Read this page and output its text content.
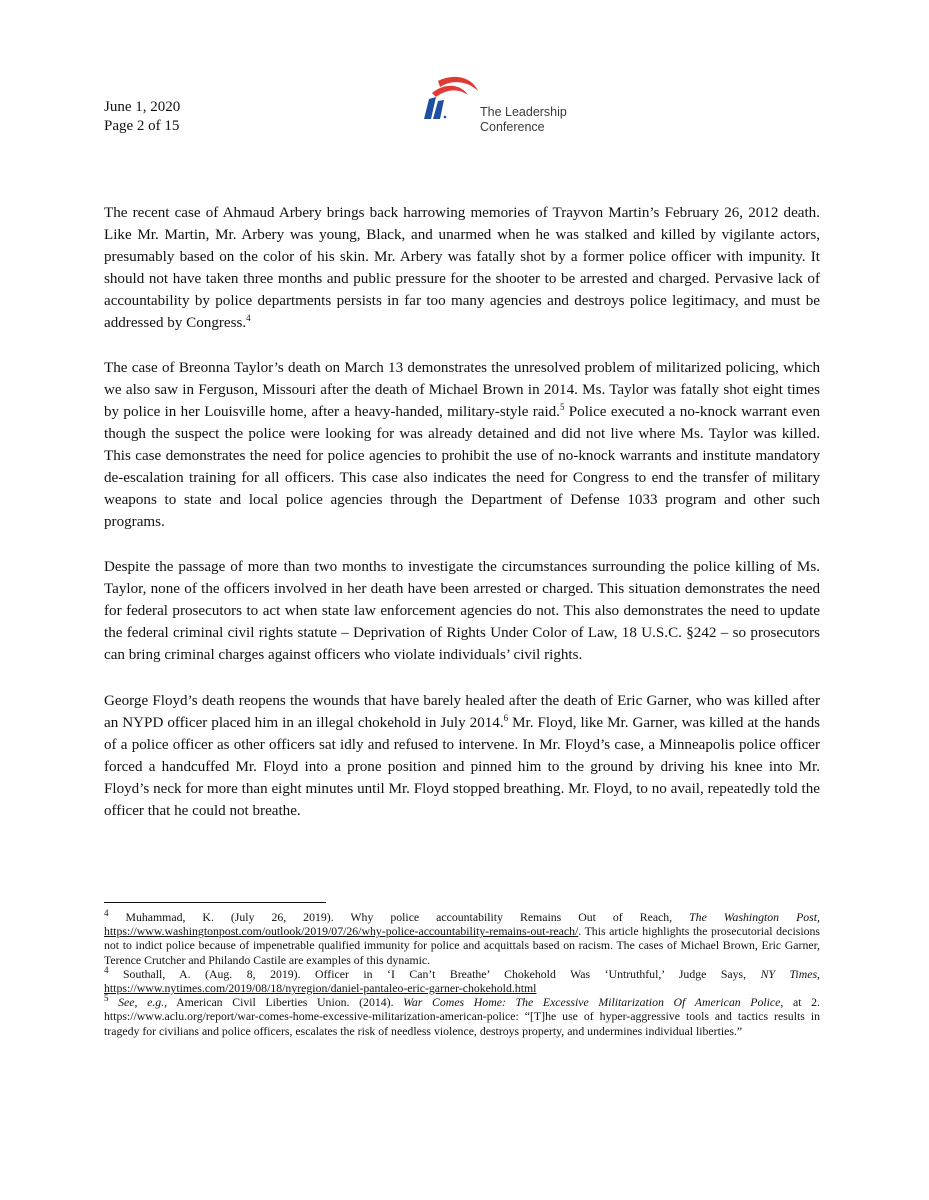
June 1, 2020
Page 2 of 15
The Leadership
Conference

The recent case of Ahmaud Arbery brings back harrowing memories of Trayvon Martin’s February 26, 2012 death. Like Mr. Martin, Mr. Arbery was young, Black, and unarmed when he was stalked and killed by vigilante actors, presumably based on the color of his skin. Mr. Arbery was fatally shot by a former police officer with impunity. It should not have taken three months and public pressure for the shooter to be arrested and charged. Pervasive lack of accountability by police departments persists in far too many agencies and destroys police legitimacy, and must be addressed by Congress.$^4$

The case of Breonna Taylor’s death on March 13 demonstrates the unresolved problem of militarized policing, which we also saw in Ferguson, Missouri after the death of Michael Brown in 2014. Ms. Taylor was fatally shot eight times by police in her Louisville home, after a heavy-handed, military-style raid.$^5$ Police executed a no-knock warrant even though the suspect the police were looking for was already detained and did not live where Ms. Taylor was killed. This case demonstrates the need for police agencies to prohibit the use of no-knock warrants and institute mandatory de-escalation training for all officers. This case also indicates the need for Congress to end the transfer of military weapons to state and local police agencies through the Department of Defense 1033 program and other such programs.

Despite the passage of more than two months to investigate the circumstances surrounding the police killing of Ms. Taylor, none of the officers involved in her death have been arrested or charged. This situation demonstrates the need for federal prosecutors to act when state law enforcement agencies do not. This also demonstrates the need to update the federal criminal civil rights statute – Deprivation of Rights Under Color of Law, 18 U.S.C. §242 – so prosecutors can bring criminal charges against officers who violate individuals’ civil rights.

George Floyd’s death reopens the wounds that have barely healed after the death of Eric Garner, who was killed after an NYPD officer placed him in an illegal chokehold in July 2014.$^6$ Mr. Floyd, like Mr. Garner, was killed at the hands of a police officer as other officers sat idly and refused to intervene. In Mr. Floyd’s case, a Minneapolis police officer forced a handcuffed Mr. Floyd into a prone position and pinned him to the ground by driving his knee into Mr. Floyd’s neck for more than eight minutes until Mr. Floyd stopped breathing. Mr. Floyd, to no avail, repeatedly told the officer that he could not breathe.

$^4$ Muhammad, K. (July 26, 2019). Why police accountability Remains Out of Reach, The Washington Post, https://www.washingtonpost.com/outlook/2019/07/26/why-police-accountability-remains-out-reach/. This article highlights the prosecutorial decisions not to indict police because of impenetrable qualified immunity for police and acquittals based on racism. The cases of Michael Brown, Eric Garner, Terence Crutcher and Philando Castile are examples of this dynamic.

$^4$ Southall, A. (Aug. 8, 2019). Officer in ‘I Can’t Breathe’ Chokehold Was ‘Untruthful,’ Judge Says, NY Times, https://www.nytimes.com/2019/08/18/nyregion/daniel-pantaleo-eric-garner-chokehold.html

$^5$ See, e.g., American Civil Liberties Union. (2014). War Comes Home: The Excessive Militarization Of American Police, at 2. https://www.aclu.org/report/war-comes-home-excessive-militarization-american-police: “[T]he use of hyper-aggressive tools and tactics results in tragedy for civilians and police officers, escalates the risk of needless violence, destroys property, and undermines individual liberties.”
